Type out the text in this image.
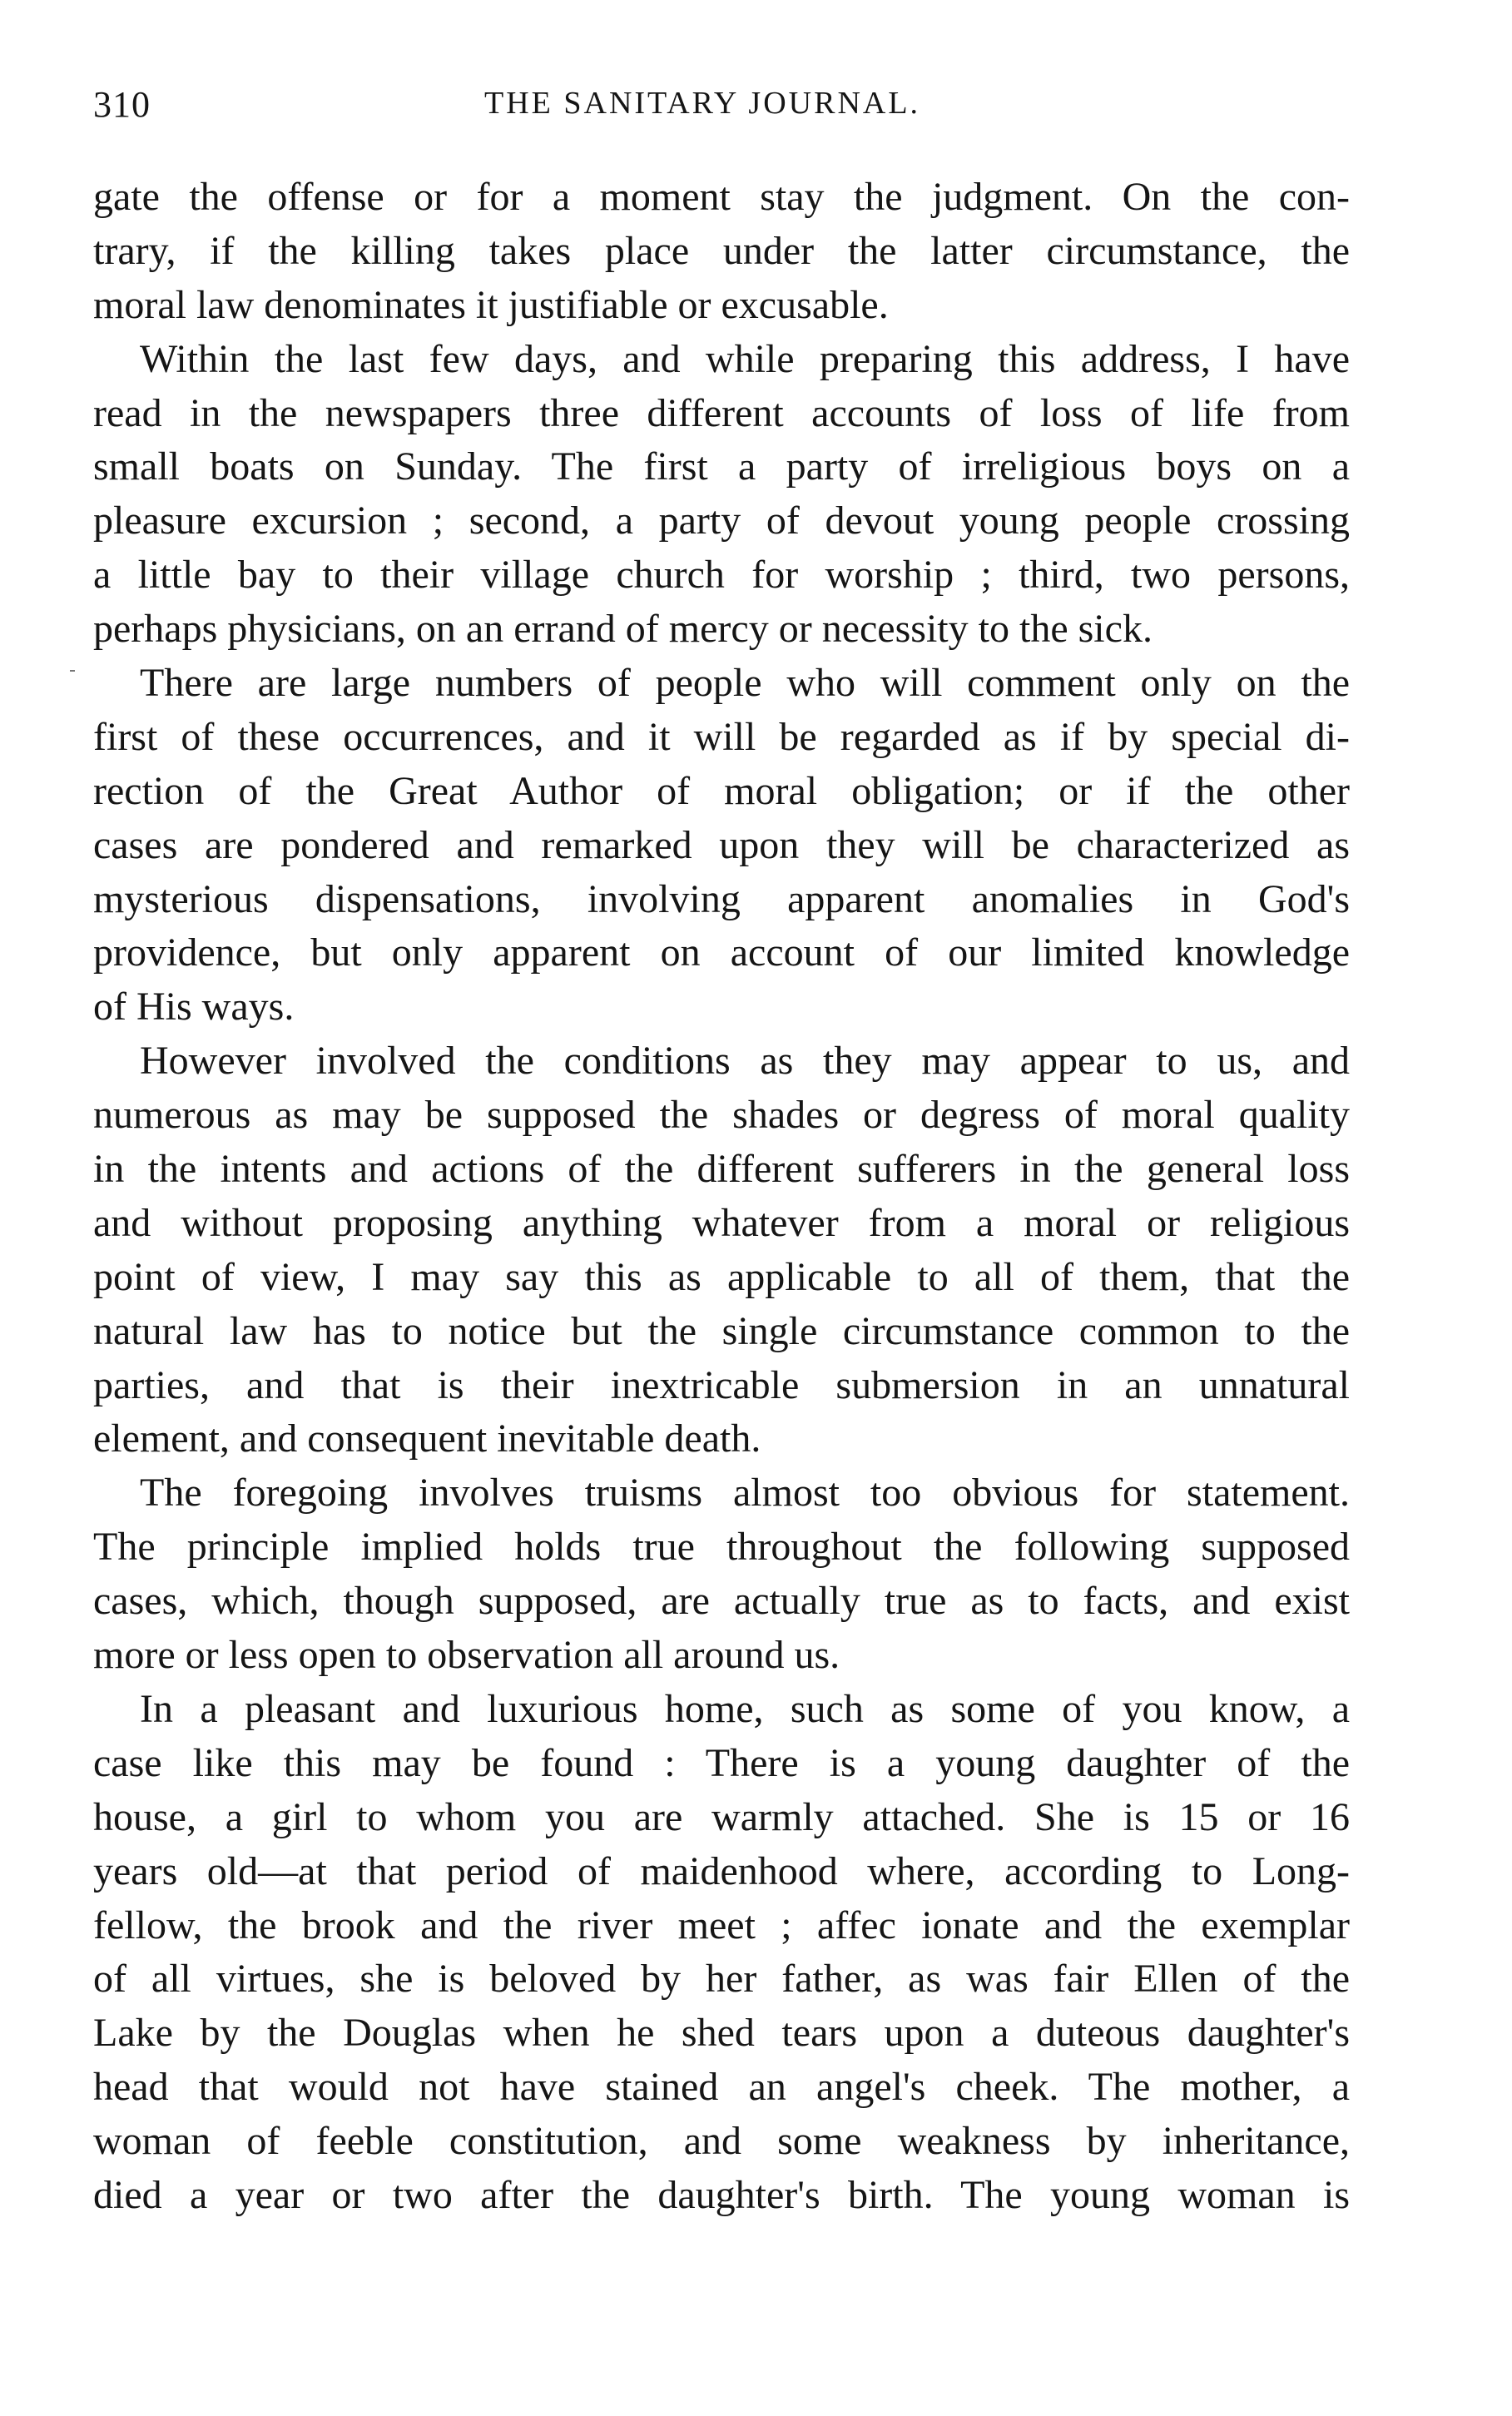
310	THE SANITARY JOURNAL.
gate the offense or for a moment stay the judgment. On the con-
trary, if the killing takes place under the latter circumstance, the
moral law denominates it justifiable or excusable.
Within the last few days, and while preparing this address, I have
read in the newspapers three different accounts of loss of life from
small boats on Sunday. The first a party of irreligious boys on a
pleasure excursion ; second, a party of devout young people crossing
a little bay to their village church for worship ; third, two persons,
perhaps physicians, on an errand of mercy or necessity to the sick.
There are large numbers of people who will comment only on the
first of these occurrences, and it will be regarded as if by special di-
rection of the Great Author of moral obligation; or if the other
cases are pondered and remarked upon they will be characterized as
mysterious dispensations, involving apparent anomalies in God's
providence, but only apparent on account of our limited knowledge
of His ways.
However involved the conditions as they may appear to us, and
numerous as may be supposed the shades or degress of moral quality
in the intents and actions of the different sufferers in the general loss
and without proposing anything whatever from a moral or religious
point of view, I may say this as applicable to all of them, that the
natural law has to notice but the single circumstance common to the
parties, and that is their inextricable submersion in an unnatural
element, and consequent inevitable death.
The foregoing involves truisms almost too obvious for statement.
The principle implied holds true throughout the following supposed
cases, which, though supposed, are actually true as to facts, and exist
more or less open to observation all around us.
In a pleasant and luxurious home, such as some of you know, a
case like this may be found : There is a young daughter of the
house, a girl to whom you are warmly attached. She is 15 or 16
years old—at that period of maidenhood where, according to Long-
fellow, the brook and the river meet ; affec ionate and the exemplar
of all virtues, she is beloved by her father, as was fair Ellen of the
Lake by the Douglas when he shed tears upon a duteous daughter's
head that would not have stained an angel's cheek. The mother, a
woman of feeble constitution, and some weakness by inheritance,
died a year or two after the daughter's birth. The young woman is
